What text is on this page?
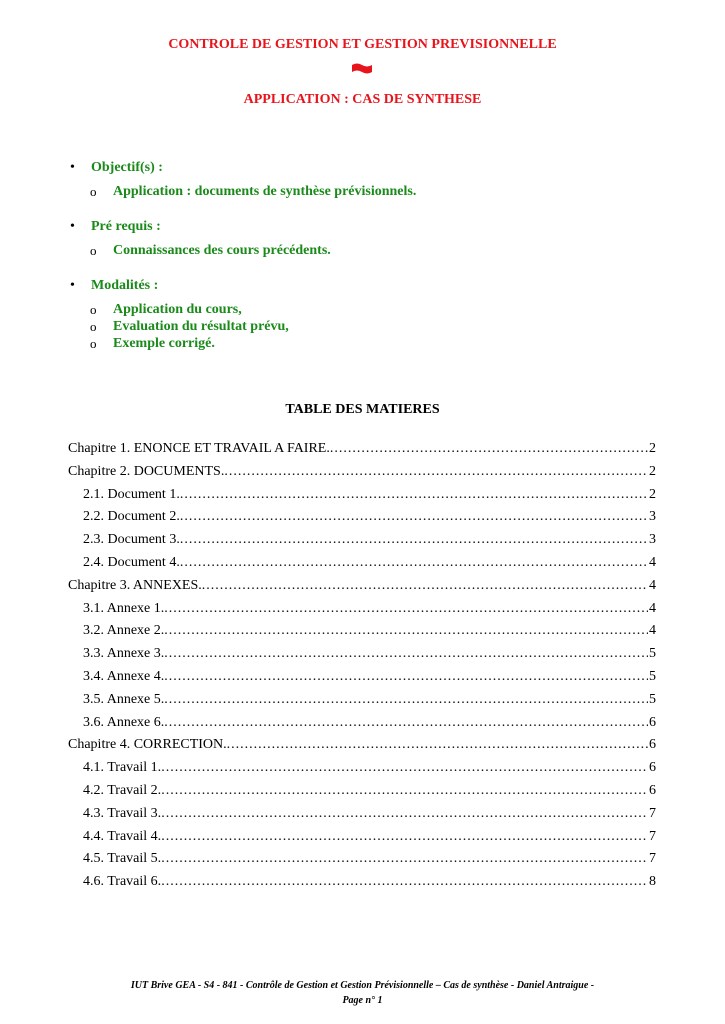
CONTROLE DE GESTION ET GESTION PREVISIONNELLE
APPLICATION : CAS DE SYNTHESE
• Objectif(s) :
o Application : documents de synthèse prévisionnels.
• Pré requis :
o Connaissances des cours précédents.
• Modalités :
o Application du cours,
o Evaluation du résultat prévu,
o Exemple corrigé.
TABLE DES MATIERES
Chapitre 1. ENONCE ET TRAVAIL A FAIRE. .....	2
Chapitre 2. DOCUMENTS. .....	2
2.1. Document 1. .....	2
2.2. Document 2. .....	3
2.3. Document 3. .....	3
2.4. Document 4. .....	4
Chapitre 3. ANNEXES. .....	4
3.1. Annexe 1. .....	4
3.2. Annexe 2. .....	4
3.3. Annexe 3. .....	5
3.4. Annexe 4. .....	5
3.5. Annexe 5. .....	5
3.6. Annexe 6. .....	6
Chapitre 4. CORRECTION. .....	6
4.1. Travail 1. .....	6
4.2. Travail 2. .....	6
4.3. Travail 3. .....	7
4.4. Travail 4. .....	7
4.5. Travail 5. .....	7
4.6. Travail 6. .....	8
IUT Brive GEA - S4 - 841 - Contrôle de Gestion et Gestion Prévisionnelle – Cas de synthèse - Daniel Antraigue -
Page n° 1
